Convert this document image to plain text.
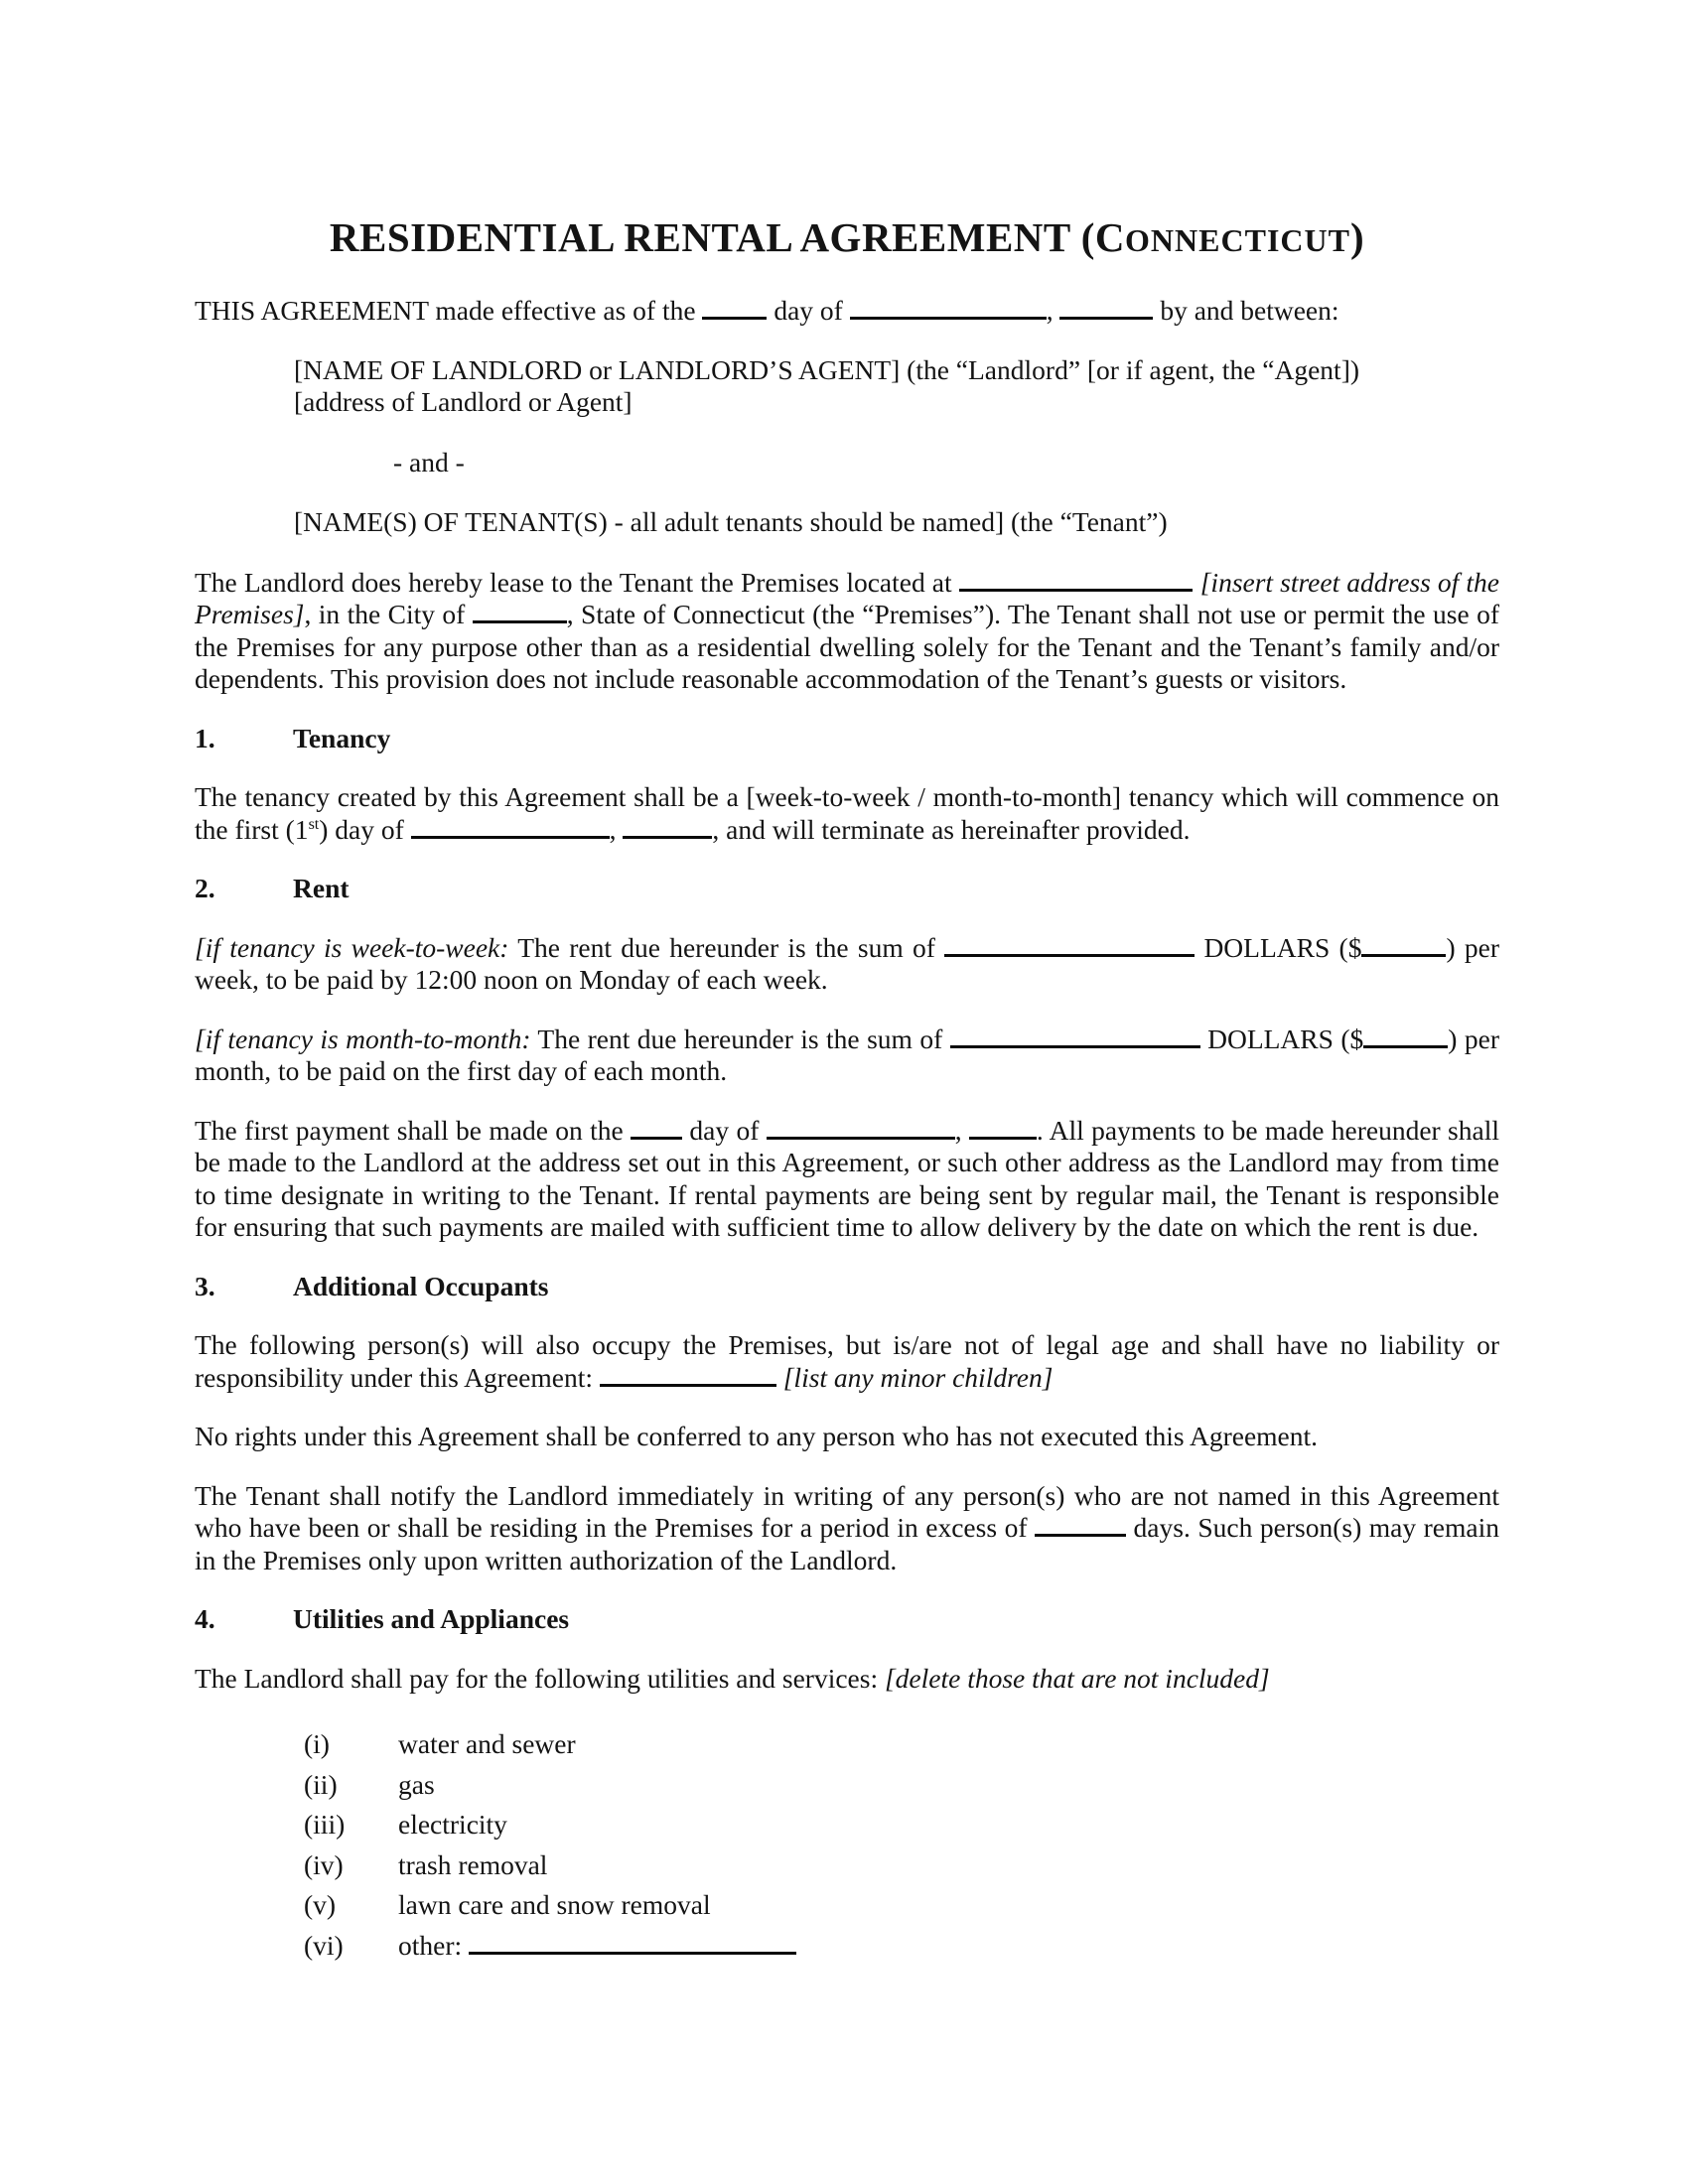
RESIDENTIAL RENTAL AGREEMENT (CONNECTICUT)

THIS AGREEMENT made effective as of the  day of	,	by and between:

[NAME OF LANDLORD or LANDLORD’S AGENT] (the “Landlord” [or if agent, the “Agent])

[address of Landlord or Agent]

- and -

[NAME(S) OF TENANT(S) - all adult tenants should be named] (the “Tenant”)

The Landlord does hereby lease to the Tenant the Premises located at	[insert street address of the Premises], in the City of	, State of Connecticut (the “Premises”). The Tenant shall not use or permit the use of the Premises for any purpose other than as a residential dwelling solely for the Tenant and the Tenant’s family and/or dependents. This provision does not include reasonable accommodation of the Tenant’s guests or visitors.

1.	Tenancy

The tenancy created by this Agreement shall be a [week-to-week / month-to-month] tenancy which will commence on the first (1st) day of	,	, and will terminate as hereinafter provided.

2.	Rent

[if tenancy is week-to-week: The rent due hereunder is the sum of	DOLLARS ($	) per week, to be paid by 12:00 noon on Monday of each week.

[if tenancy is month-to-month: The rent due hereunder is the sum of	DOLLARS ($	) per month, to be paid on the first day of each month.

The first payment shall be made on the  day of	, . All payments to be made hereunder shall be made to the Landlord at the address set out in this Agreement, or such other address as the Landlord may from time to time designate in writing to the Tenant. If rental payments are being sent by regular mail, the Tenant is responsible for ensuring that such payments are mailed with sufficient time to allow delivery by the date on which the rent is due.

3.	Additional Occupants

The following person(s) will also occupy the Premises, but is/are not of legal age and shall have no liability or responsibility under this Agreement:	[list any minor children]

No rights under this Agreement shall be conferred to any person who has not executed this Agreement.

The Tenant shall notify the Landlord immediately in writing of any person(s) who are not named in this Agreement who have been or shall be residing in the Premises for a period in excess of	days. Such person(s) may remain in the Premises only upon written authorization of the Landlord.

4.	Utilities and Appliances

The Landlord shall pay for the following utilities and services: [delete those that are not included]

(i)	water and sewer
(ii) gas
(iii) electricity
(iv) trash removal
(v) lawn care and snow removal
(vi) other:
